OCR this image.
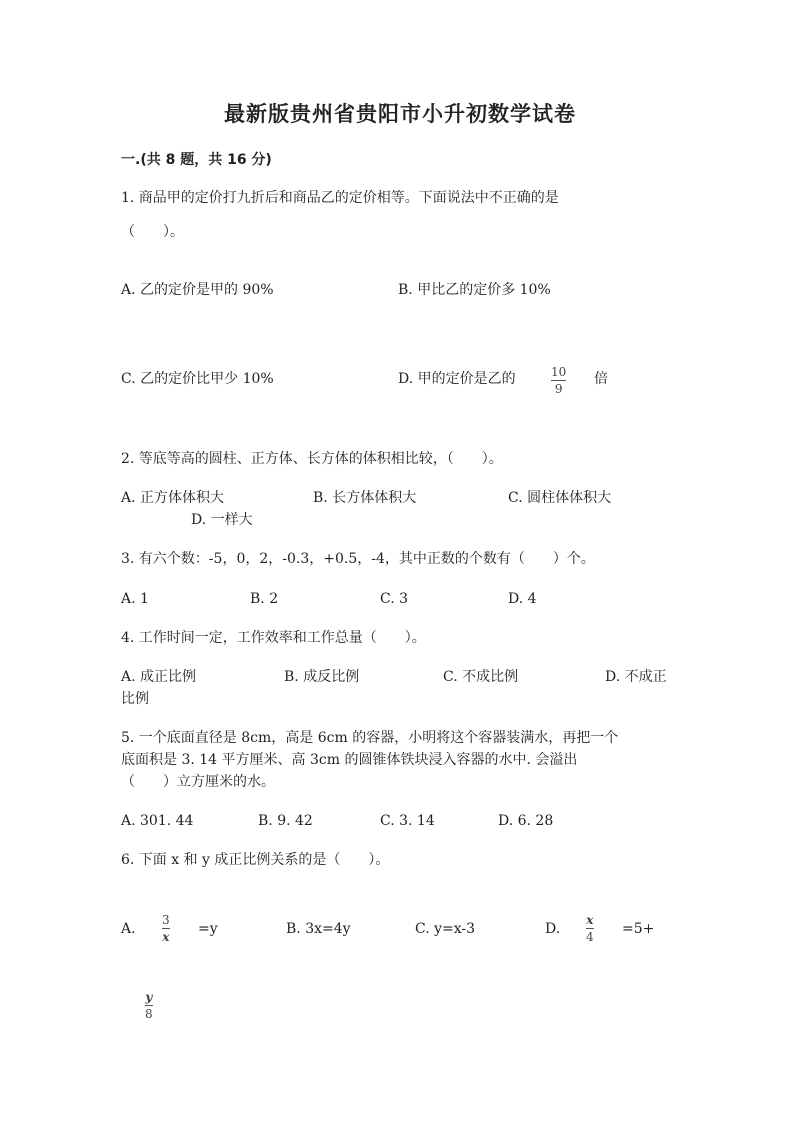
最新版贵州省贵阳市小升初数学试卷
一.(共 8 题，共 16 分)
1. 商品甲的定价打九折后和商品乙的定价相等。下面说法中不正确的是
（　　）。
A. 乙的定价是甲的 90%	B. 甲比乙的定价多 10%
C. 乙的定价比甲少 10%	D. 甲的定价是乙的	10
9
倍
2. 等底等高的圆柱、正方体、长方体的体积相比较，（　　）。
A. 正方体体积大	B. 长方体体积大	C. 圆柱体体积大
D. 一样大
3. 有六个数：-5，0，2，-0.3，+0.5，-4，其中正数的个数有（　　）个。
A. 1	B. 2	C. 3	D. 4
4. 工作时间一定，工作效率和工作总量（　　）。
A. 成正比例	B. 成反比例	C. 不成比例	D. 不成正
比例
5. 一个底面直径是 8cm，高是 6cm 的容器，小明将这个容器装满水，再把一个
底面积是 3. 14 平方厘米、高 3cm 的圆锥体铁块浸入容器的水中. 会溢出
（　　）立方厘米的水。
A. 301. 44	B. 9. 42	C. 3. 14	D. 6. 28
6. 下面 x 和 y 成正比例关系的是（　　）。
A.
3
x =y	B. 3x=4y	C. y=x-3	D.
x
4 =5+
y
8
